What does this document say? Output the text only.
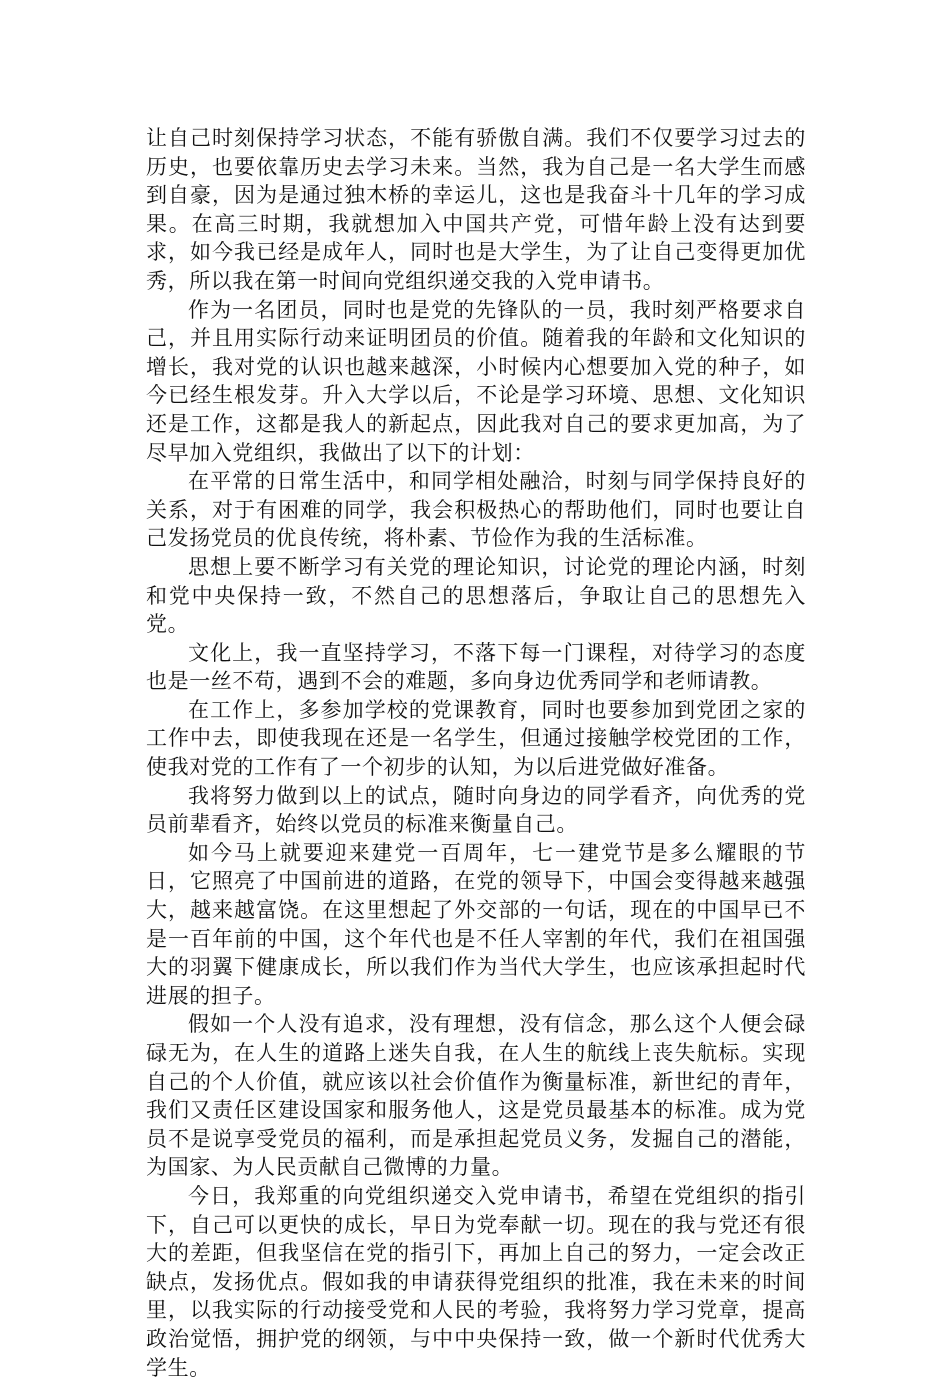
让自己时刻保持学习状态，不能有骄傲自满。我们不仅要学习过去的历史，也要依靠历史去学习未来。当然，我为自己是一名大学生而感到自豪，因为是通过独木桥的幸运儿，这也是我奋斗十几年的学习成果。在高三时期，我就想加入中国共产党，可惜年龄上没有达到要求，如今我已经是成年人，同时也是大学生，为了让自己变得更加优秀，所以我在第一时间向党组织递交我的入党申请书。

作为一名团员，同时也是党的先锋队的一员，我时刻严格要求自己，并且用实际行动来证明团员的价值。随着我的年龄和文化知识的增长，我对党的认识也越来越深，小时候内心想要加入党的种子，如今已经生根发芽。升入大学以后，不论是学习环境、思想、文化知识还是工作，这都是我人的新起点，因此我对自己的要求更加高，为了尽早加入党组织，我做出了以下的计划：

在平常的日常生活中，和同学相处融洽，时刻与同学保持良好的关系，对于有困难的同学，我会积极热心的帮助他们，同时也要让自己发扬党员的优良传统，将朴素、节俭作为我的生活标准。

思想上要不断学习有关党的理论知识，讨论党的理论内涵，时刻和党中央保持一致，不然自己的思想落后，争取让自己的思想先入党。

文化上，我一直坚持学习，不落下每一门课程，对待学习的态度也是一丝不苟，遇到不会的难题，多向身边优秀同学和老师请教。

在工作上，多参加学校的党课教育，同时也要参加到党团之家的工作中去，即使我现在还是一名学生，但通过接触学校党团的工作，使我对党的工作有了一个初步的认知，为以后进党做好准备。

我将努力做到以上的试点，随时向身边的同学看齐，向优秀的党员前辈看齐，始终以党员的标准来衡量自己。

如今马上就要迎来建党一百周年，七一建党节是多么耀眼的节日，它照亮了中国前进的道路，在党的领导下，中国会变得越来越强大，越来越富饶。在这里想起了外交部的一句话，现在的中国早已不是一百年前的中国，这个年代也是不任人宰割的年代，我们在祖国强大的羽翼下健康成长，所以我们作为当代大学生，也应该承担起时代进展的担子。

假如一个人没有追求，没有理想，没有信念，那么这个人便会碌碌无为，在人生的道路上迷失自我，在人生的航线上丧失航标。实现自己的个人价值，就应该以社会价值作为衡量标准，新世纪的青年，我们又责任区建设国家和服务他人，这是党员最基本的标准。成为党员不是说享受党员的福利，而是承担起党员义务，发掘自己的潜能，为国家、为人民贡献自己微博的力量。

今日，我郑重的向党组织递交入党申请书，希望在党组织的指引下，自己可以更快的成长，早日为党奉献一切。现在的我与党还有很大的差距，但我坚信在党的指引下，再加上自己的努力，一定会改正缺点，发扬优点。假如我的申请获得党组织的批准，我在未来的时间里，以我实际的行动接受党和人民的考验，我将努力学习党章，提高政治觉悟，拥护党的纲领，与中中央保持一致，做一个新时代优秀大学生。
